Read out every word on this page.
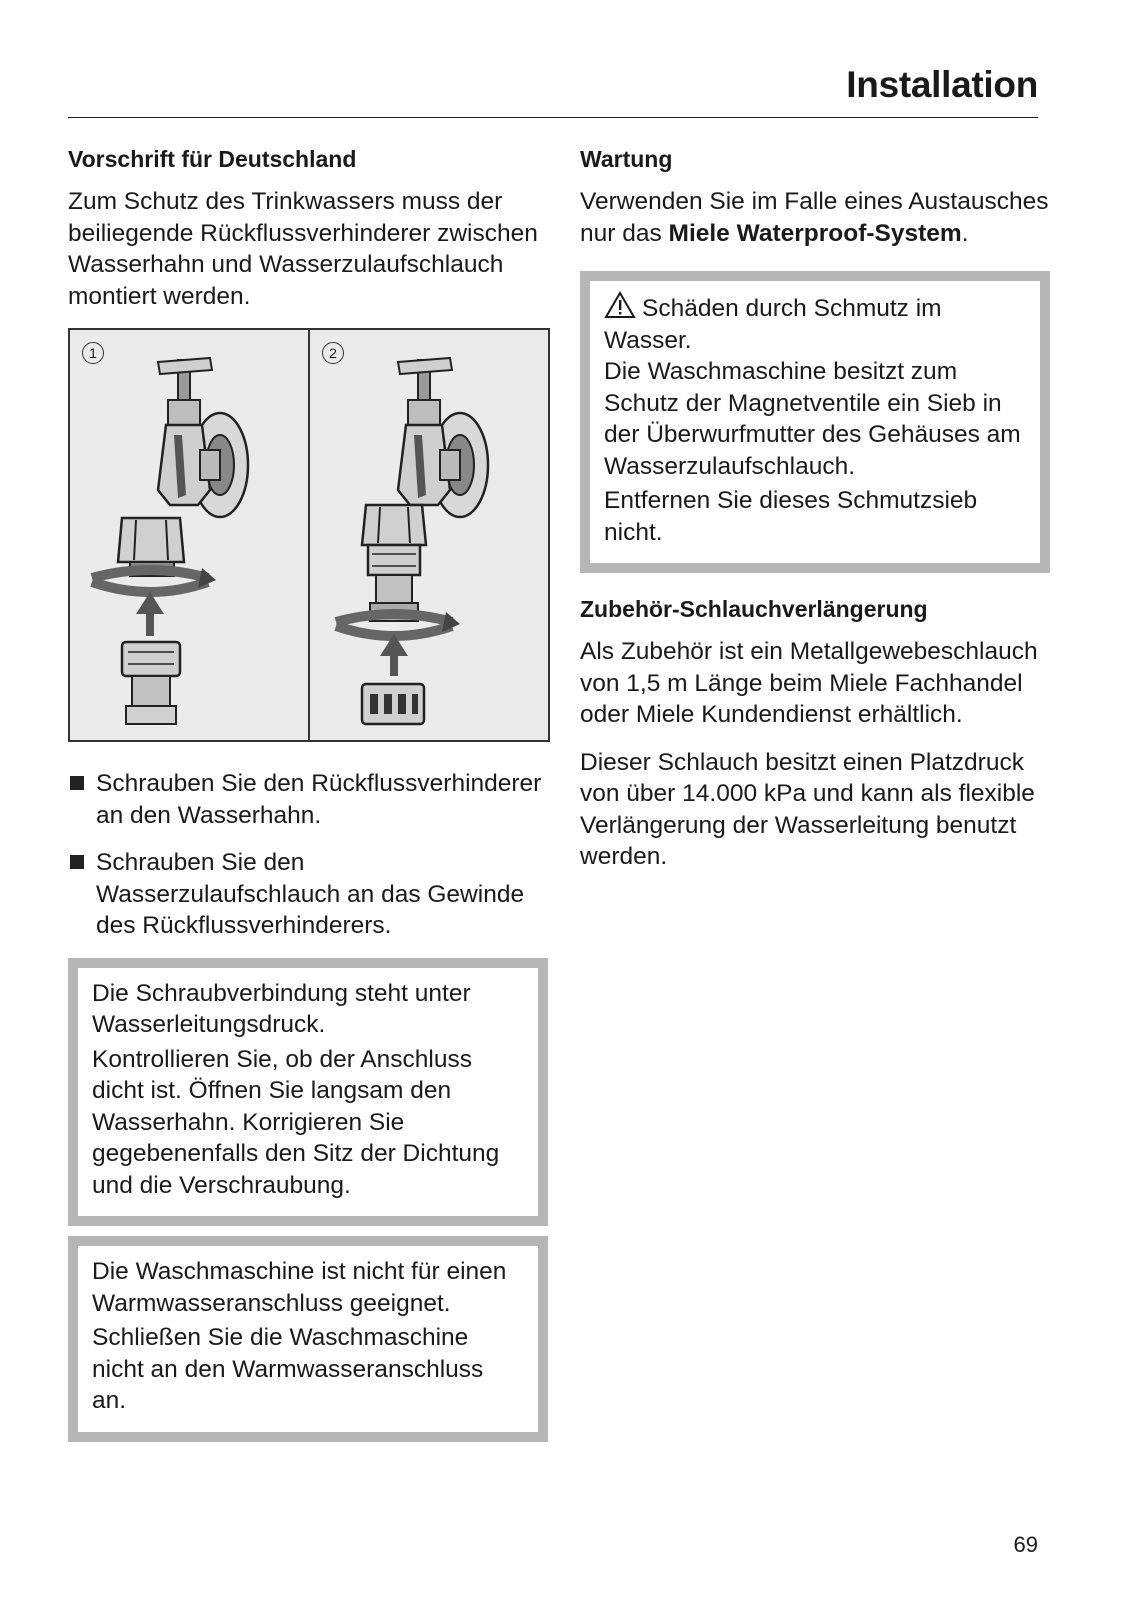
Installation
Vorschrift für Deutschland
Zum Schutz des Trinkwassers muss der beiliegende Rückflussverhinderer zwischen Wasserhahn und Wasserzulaufschlauch montiert werden.
1	2
Schrauben Sie den Rückflussverhinderer an den Wasserhahn.
Schrauben Sie den Wasserzulaufschlauch an das Gewinde des Rückflussverhinderers.

Die Schraubverbindung steht unter Wasserleitungsdruck.

Kontrollieren Sie, ob der Anschluss dicht ist. Öffnen Sie langsam den Wasserhahn. Korrigieren Sie gegebenenfalls den Sitz der Dichtung und die Verschraubung.

Die Waschmaschine ist nicht für einen Warmwasseranschluss geeignet.

Schließen Sie die Waschmaschine nicht an den Warmwasseranschluss an.

Wartung
Verwenden Sie im Falle eines Austausches nur das Miele Waterproof-System.

Schäden durch Schmutz im Wasser.

Die Waschmaschine besitzt zum Schutz der Magnetventile ein Sieb in der Überwurfmutter des Gehäuses am Wasserzulaufschlauch.

Entfernen Sie dieses Schmutzsieb nicht.

Zubehör-Schlauchverlängerung
Als Zubehör ist ein Metallgewebeschlauch von 1,5 m Länge beim Miele Fachhandel oder Miele Kundendienst erhältlich.
Dieser Schlauch besitzt einen Platzdruck von über 14.000 kPa und kann als flexible Verlängerung der Wasserleitung benutzt werden.
69
